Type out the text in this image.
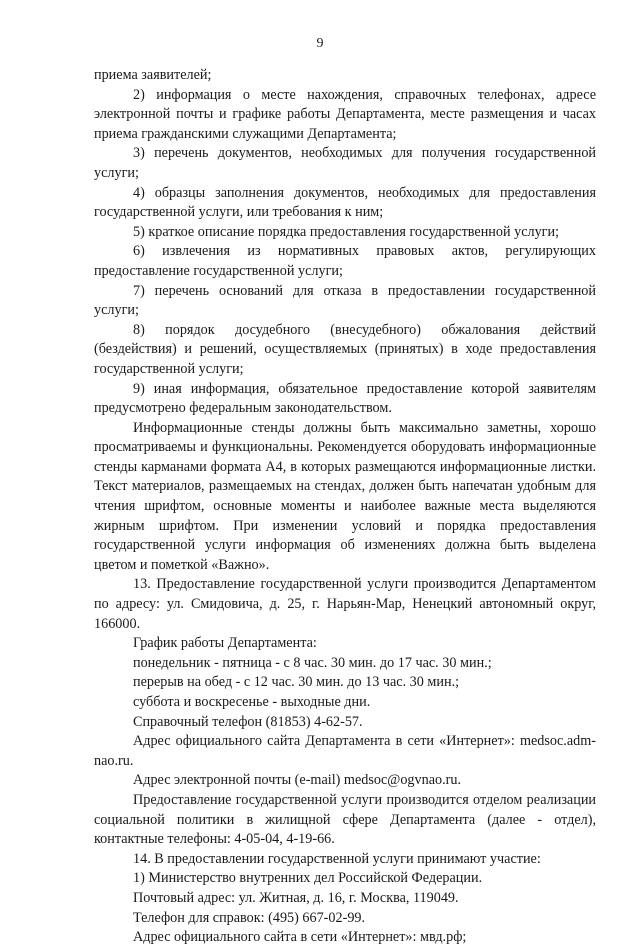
9

приема заявителей;

2) информация о месте нахождения, справочных телефонах, адресе электронной почты и графике работы Департамента, месте размещения и часах приема гражданскими служащими Департамента;

3) перечень документов, необходимых для получения государственной услуги;

4) образцы заполнения документов, необходимых для предоставления государственной услуги, или требования к ним;

5) краткое описание порядка предоставления государственной услуги;

6) извлечения из нормативных правовых актов, регулирующих предоставление государственной услуги;

7) перечень оснований для отказа в предоставлении государственной услуги;

8) порядок досудебного (внесудебного) обжалования действий (бездействия) и решений, осуществляемых (принятых) в ходе предоставления государственной услуги;

9) иная информация, обязательное предоставление которой заявителям предусмотрено федеральным законодательством.

Информационные стенды должны быть максимально заметны, хорошо просматриваемы и функциональны. Рекомендуется оборудовать информационные стенды карманами формата А4, в которых размещаются информационные листки. Текст материалов, размещаемых на стендах, должен быть напечатан удобным для чтения шрифтом, основные моменты и наиболее важные места выделяются жирным шрифтом. При изменении условий и порядка предоставления государственной услуги информация об изменениях должна быть выделена цветом и пометкой «Важно».

13. Предоставление государственной услуги производится Департаментом по адресу: ул. Смидовича, д. 25, г. Нарьян-Мар, Ненецкий автономный округ, 166000.

График работы Департамента:

понедельник - пятница - с 8 час. 30 мин. до 17 час. 30 мин.;

перерыв на обед - с 12 час. 30 мин. до 13 час. 30 мин.;

суббота и воскресенье - выходные дни.

Справочный телефон (81853) 4-62-57.

Адрес официального сайта Департамента в сети «Интернет»: medsoc.adm-nao.ru.

Адрес электронной почты (e-mail) medsoc@ogvnao.ru.

Предоставление государственной услуги производится отделом реализации социальной политики в жилищной сфере Департамента (далее - отдел), контактные телефоны: 4-05-04, 4-19-66.

14. В предоставлении государственной услуги принимают участие:

1) Министерство внутренних дел Российской Федерации.

Почтовый адрес: ул. Житная, д. 16, г. Москва, 119049.

Телефон для справок: (495) 667-02-99.

Адрес официального сайта в сети «Интернет»: мвд.рф;
